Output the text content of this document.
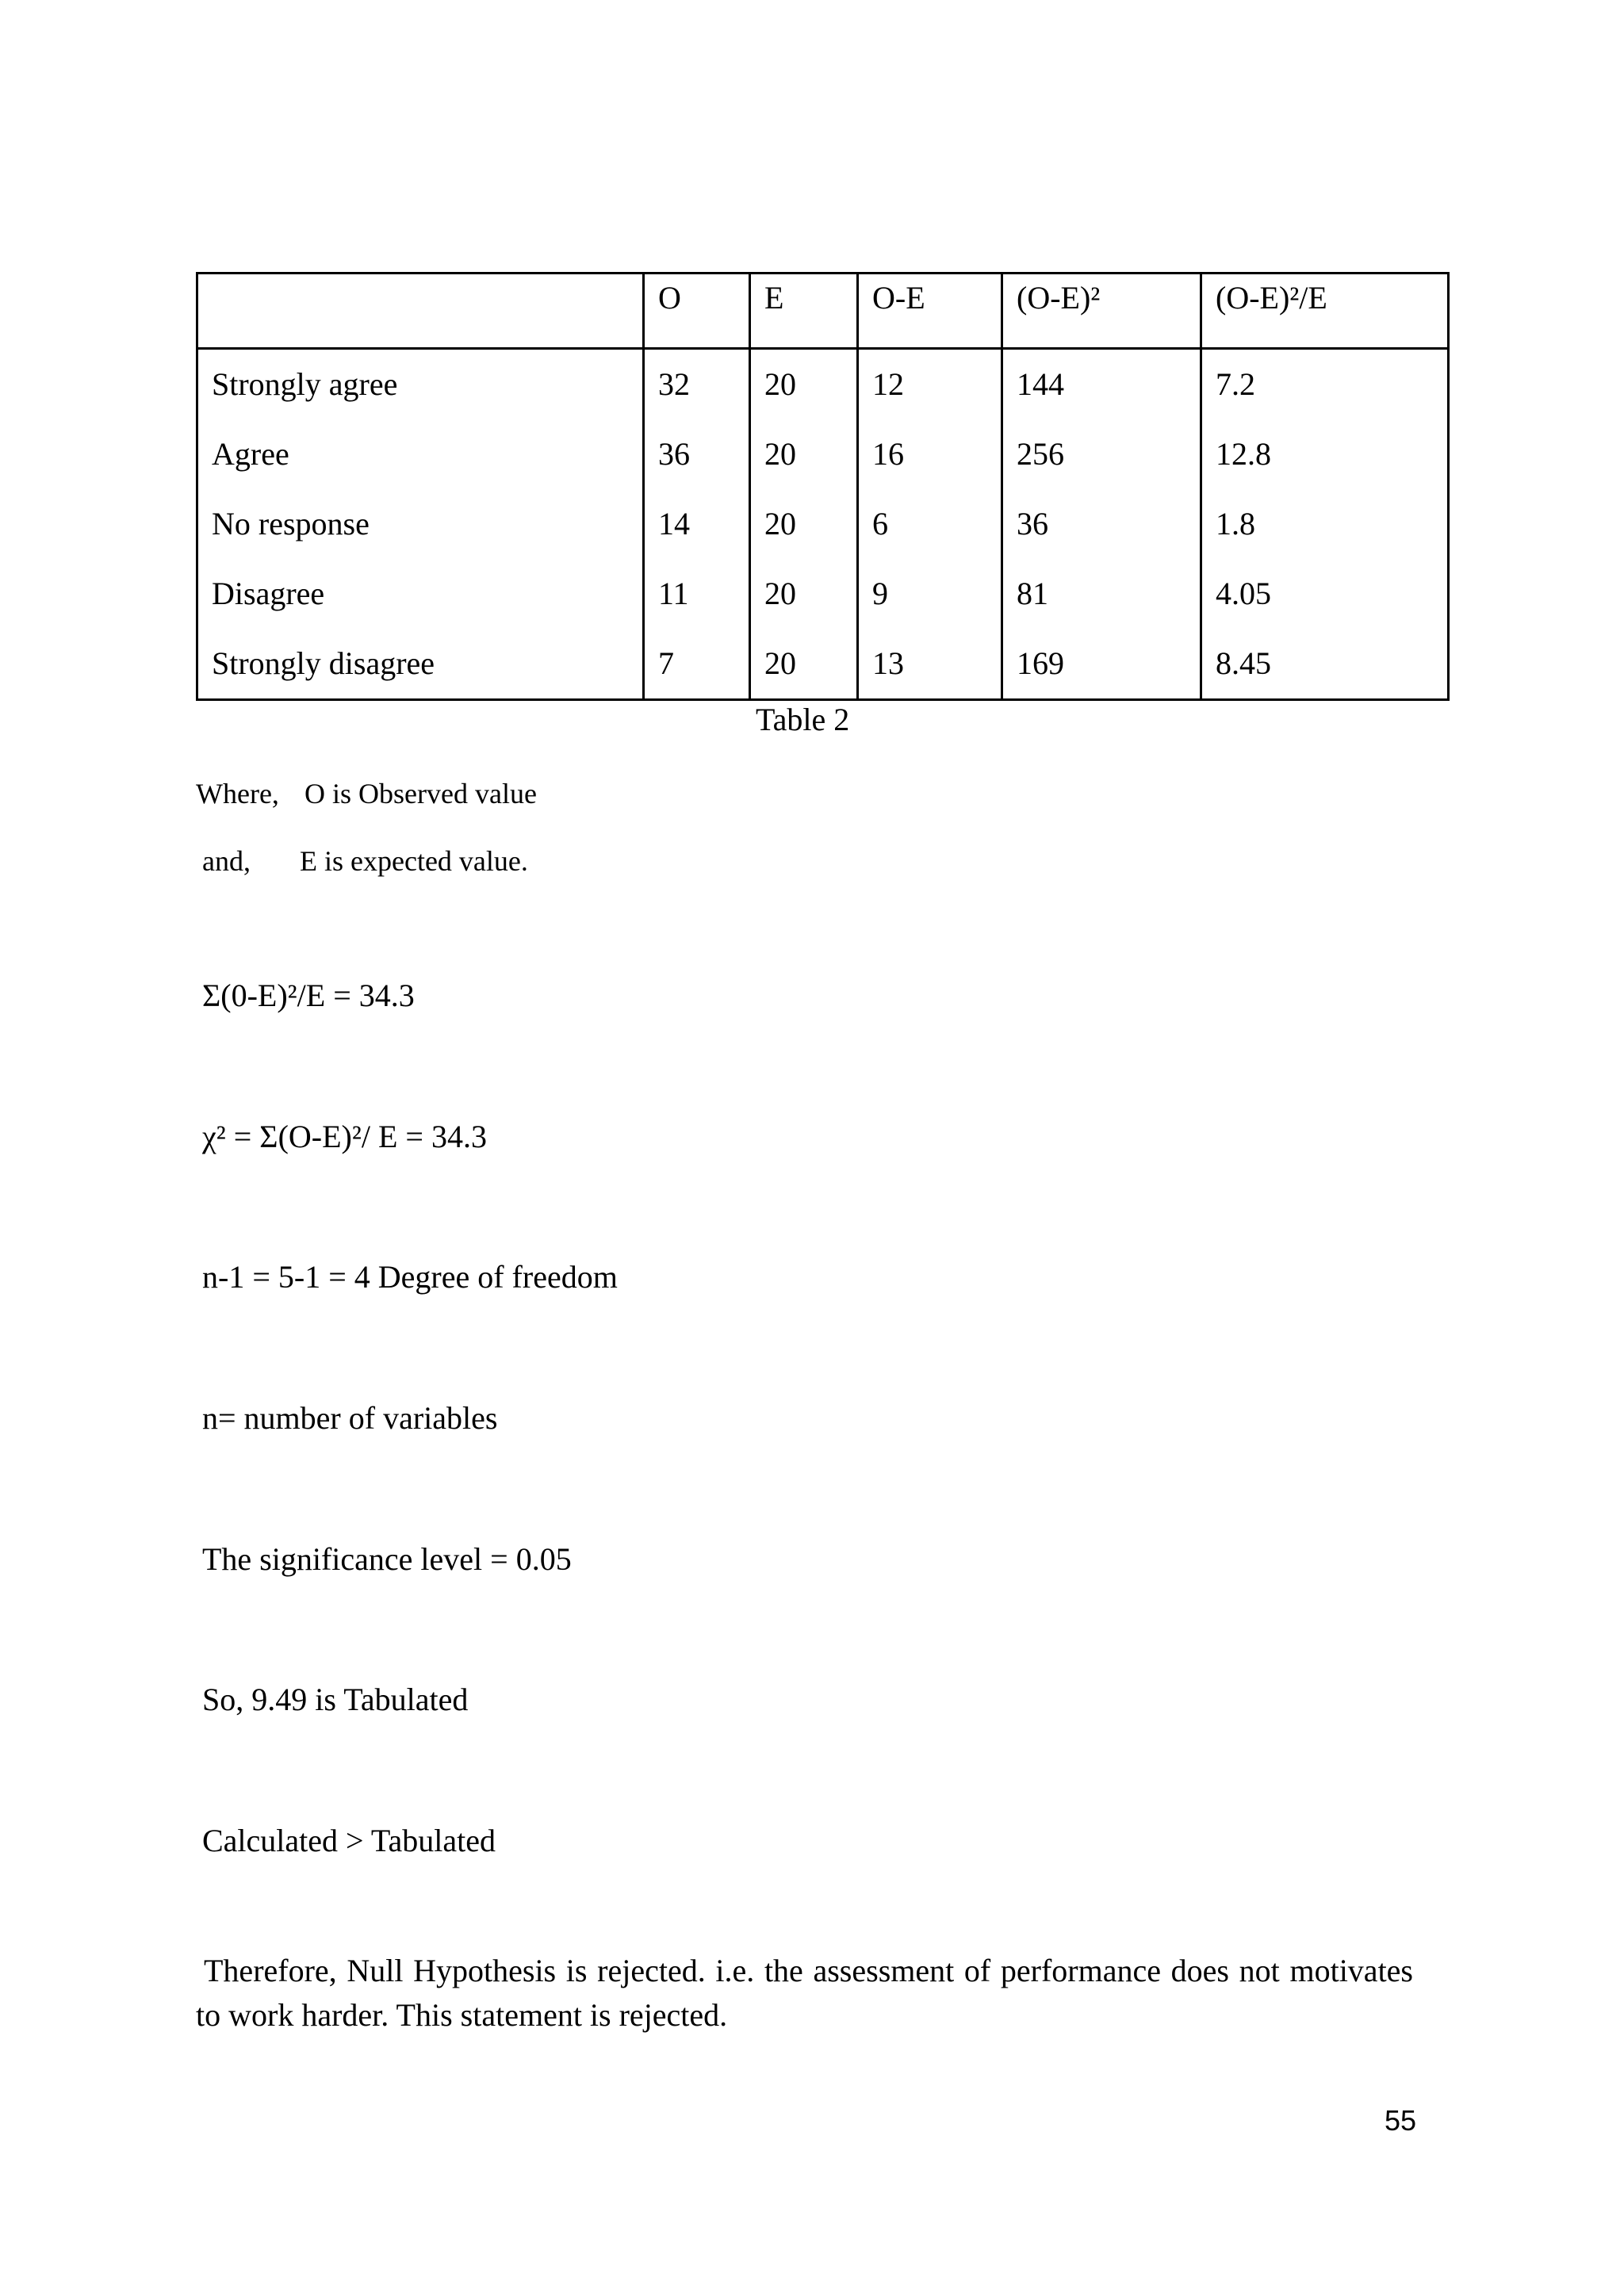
	O	E	O-E	(O-E)²	(O-E)²/E
Strongly agree	32	20	12	144	7.2
Agree	36	20	16	256	12.8
No response	14	20	6	36	1.8
Disagree	11	20	9	81	4.05
Strongly disagree	7	20	13	169	8.45
Table 2
Where, O is Observed value
and, E is expected value.
Σ(0-E)²/E = 34.3
χ² = Σ(O-E)²/ E = 34.3
n-1 = 5-1 = 4 Degree of freedom
n= number of variables
The significance level = 0.05
So, 9.49 is Tabulated
Calculated > Tabulated
Therefore, Null Hypothesis is rejected. i.e. the assessment of performance does not motivates to work harder. This statement is rejected.
55
